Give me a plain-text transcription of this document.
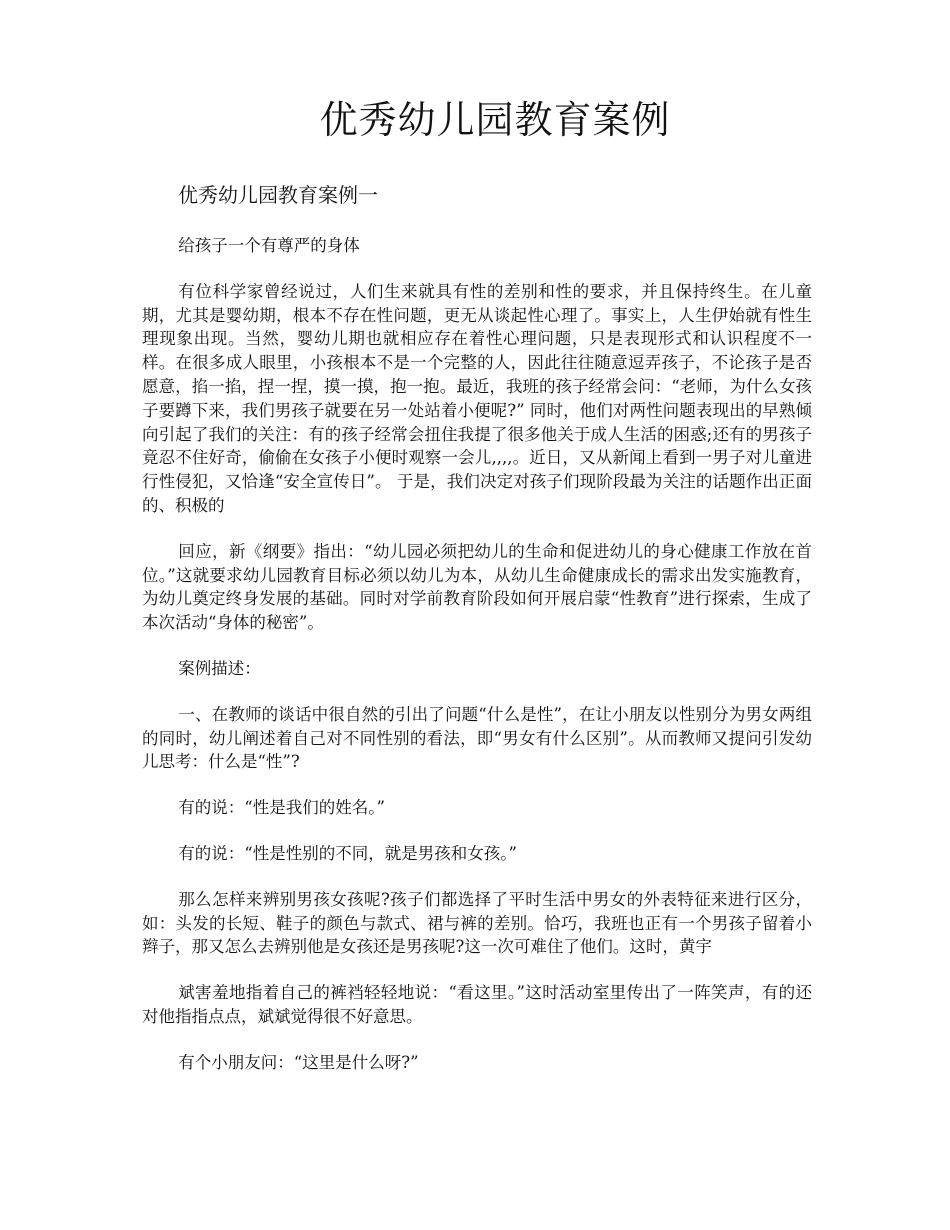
优秀幼儿园教育案例
优秀幼儿园教育案例一

给孩子一个有尊严的身体

有位科学家曾经说过，人们生来就具有性的差别和性的要求，并且保持终生。在儿童期，尤其是婴幼期，根本不存在性问题，更无从谈起性心理了。事实上，人生伊始就有性生理现象出现。当然，婴幼儿期也就相应存在着性心理问题，只是表现形式和认识程度不一样。在很多成人眼里，小孩根本不是一个完整的人，因此往往随意逗弄孩子，不论孩子是否愿意，掐一掐，捏一捏，摸一摸，抱一抱。最近，我班的孩子经常会问：“老师，为什么女孩子要蹲下来，我们男孩子就要在另一处站着小便呢?” 同时，他们对两性问题表现出的早熟倾向引起了我们的关注：有的孩子经常会扭住我提了很多他关于成人生活的困惑;还有的男孩子竟忍不住好奇，偷偷在女孩子小便时观察一会儿,,,,。近日，又从新闻上看到一男子对儿童进行性侵犯，又恰逢“安全宣传日”。 于是，我们决定对孩子们现阶段最为关注的话题作出正面的、积极的

回应，新《纲要》指出：“幼儿园必须把幼儿的生命和促进幼儿的身心健康工作放在首位。”这就要求幼儿园教育目标必须以幼儿为本，从幼儿生命健康成长的需求出发实施教育，为幼儿奠定终身发展的基础。同时对学前教育阶段如何开展启蒙“性教育”进行探索，生成了本次活动“身体的秘密”。

案例描述：

一、在教师的谈话中很自然的引出了问题“什么是性”，在让小朋友以性别分为男女两组的同时，幼儿阐述着自己对不同性别的看法，即“男女有什么区别”。从而教师又提问引发幼儿思考：什么是“性”?

有的说：“性是我们的姓名。”

有的说：“性是性别的不同，就是男孩和女孩。”

那么怎样来辨别男孩女孩呢?孩子们都选择了平时生活中男女的外表特征来进行区分，如：头发的长短、鞋子的颜色与款式、裙与裤的差别。恰巧，我班也正有一个男孩子留着小辫子，那又怎么去辨别他是女孩还是男孩呢?这一次可难住了他们。这时，黄宇

斌害羞地指着自己的裤裆轻轻地说：“看这里。”这时活动室里传出了一阵笑声，有的还对他指指点点，斌斌觉得很不好意思。

有个小朋友问：“这里是什么呀?”
